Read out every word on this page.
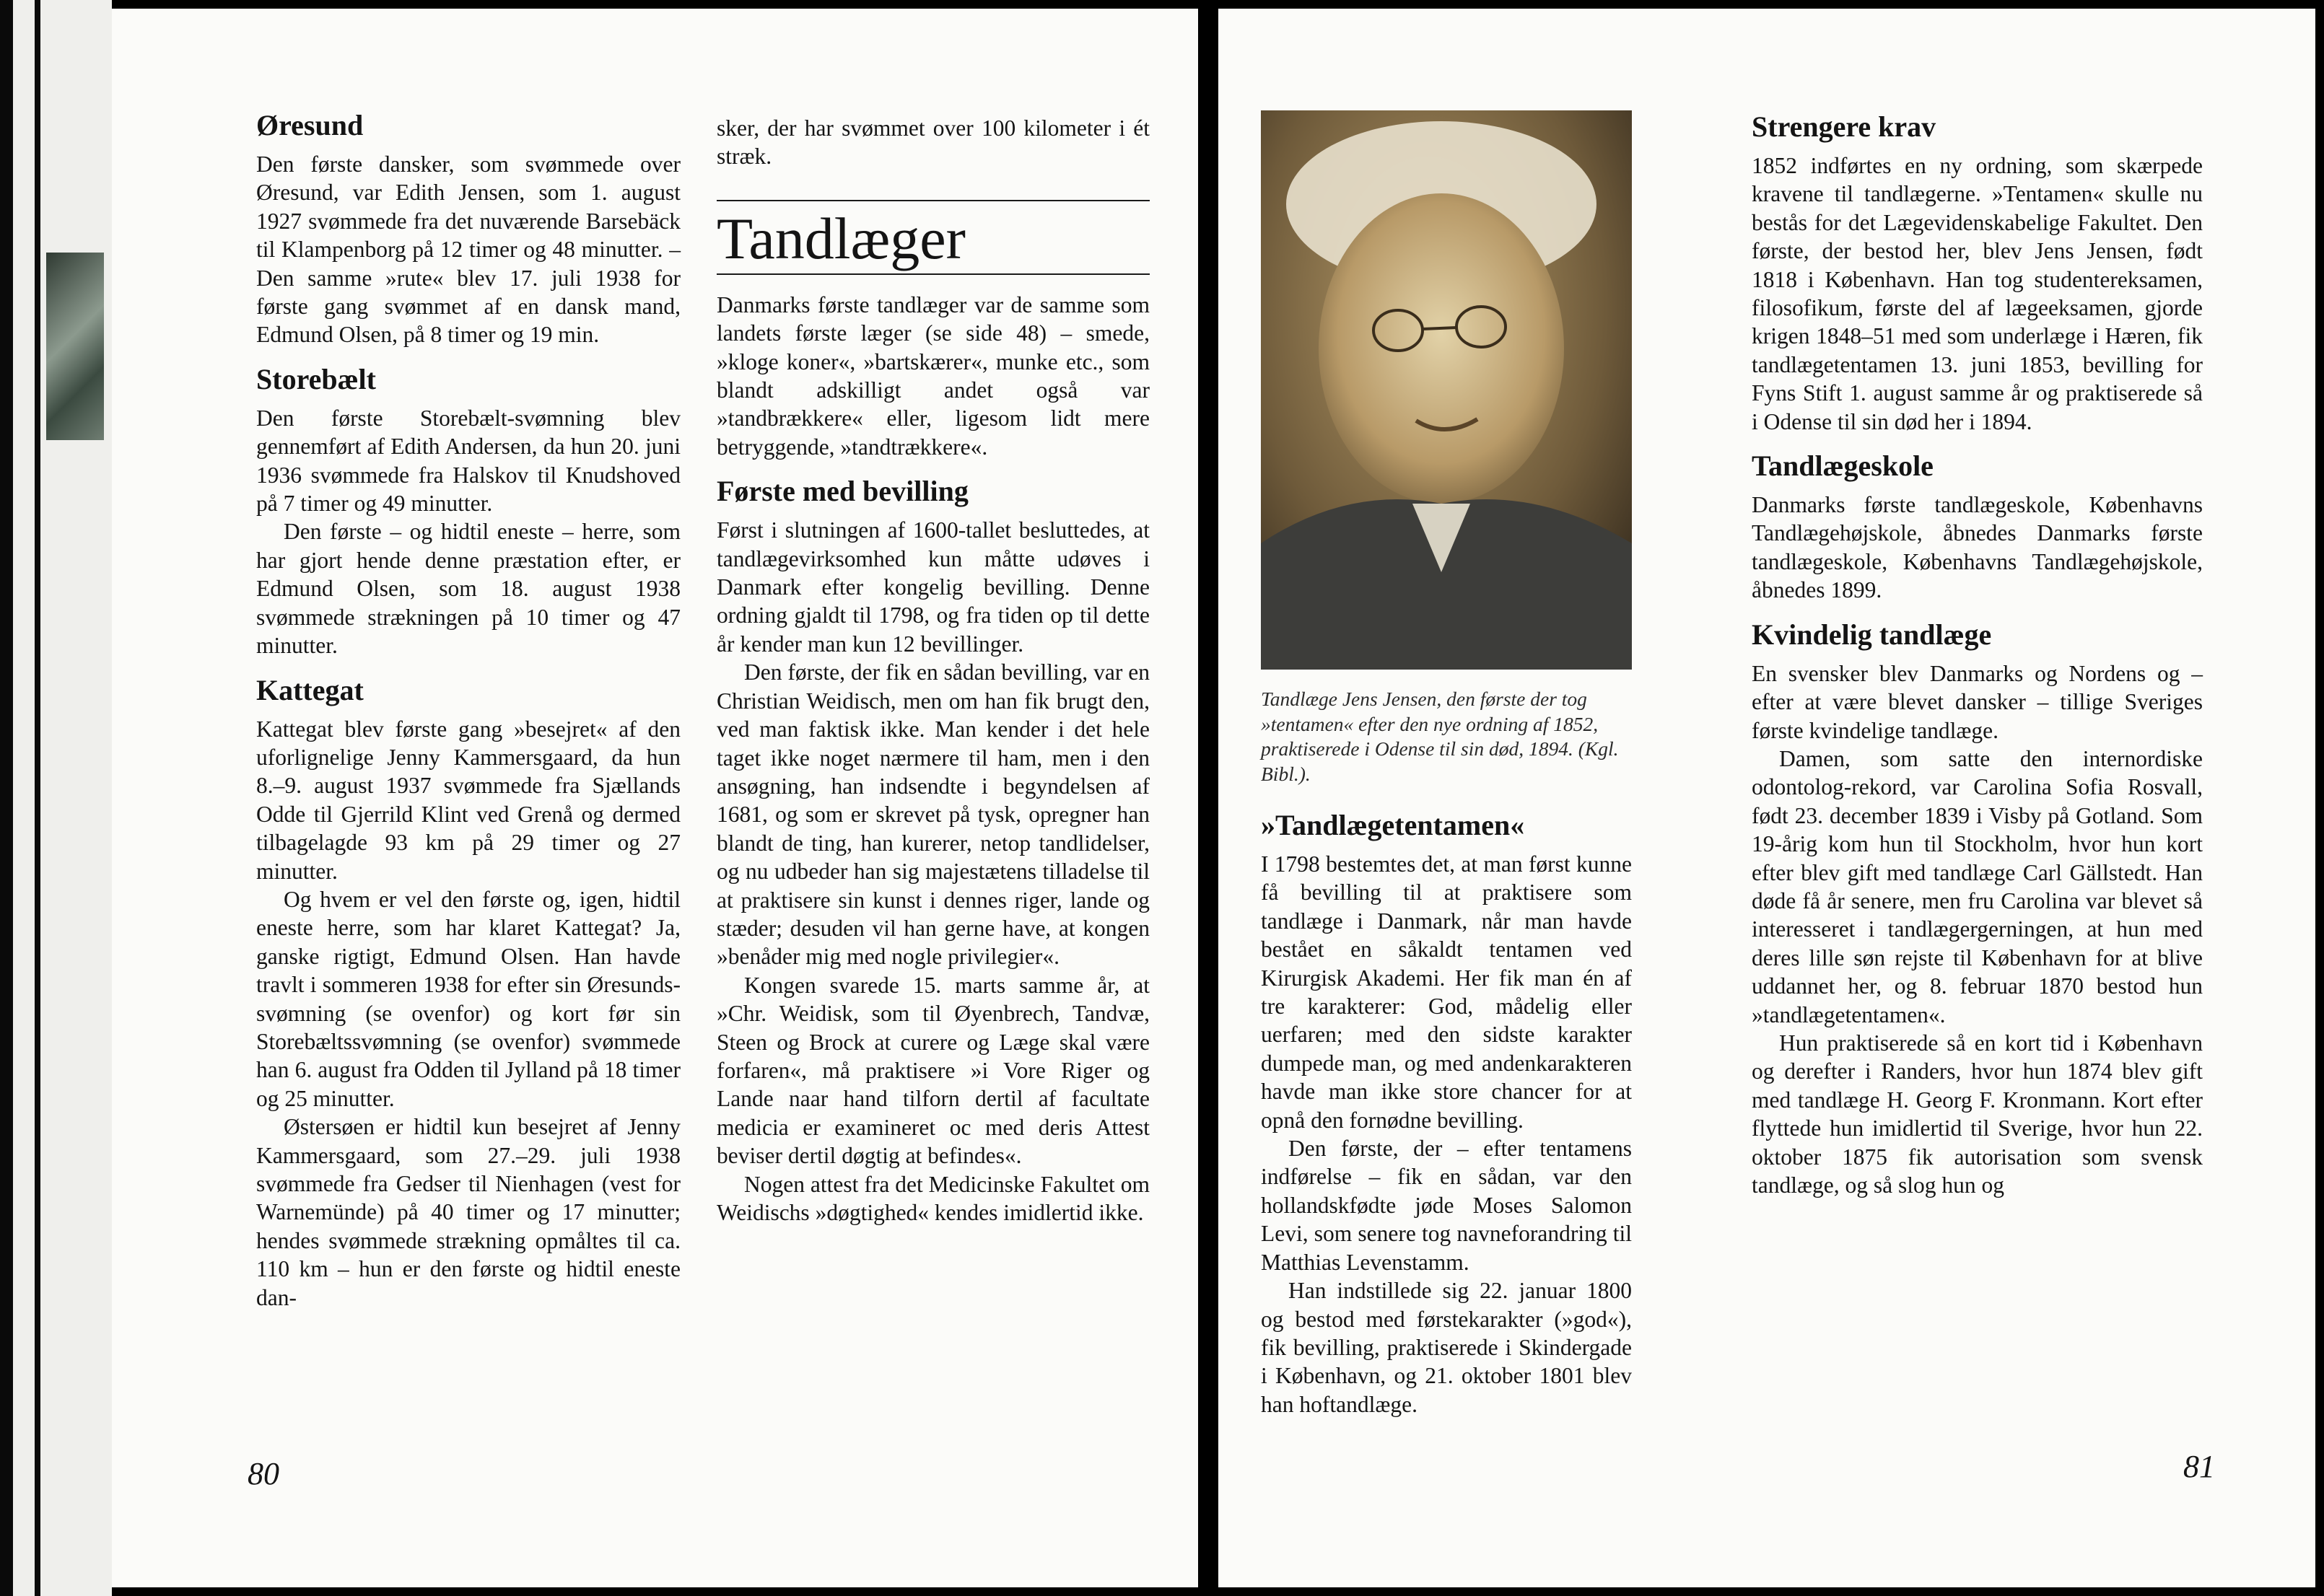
Øresund

Den første dansker, som svømmede over Øresund, var Edith Jensen, som 1. august 1927 svømmede fra det nuværende Barsebäck til Klampenborg på 12 timer og 48 minutter. – Den samme »rute« blev 17. juli 1938 for første gang svømmet af en dansk mand, Edmund Olsen, på 8 timer og 19 min.

Storebælt

Den første Storebælt-svømning blev gennemført af Edith Andersen, da hun 20. juni 1936 svømmede fra Halskov til Knudshoved på 7 timer og 49 minutter.

Den første – og hidtil eneste – herre, som har gjort hende denne præstation efter, er Edmund Olsen, som 18. august 1938 svømmede strækningen på 10 timer og 47 minutter.

Kattegat

Kattegat blev første gang »besejret« af den uforlignelige Jenny Kammersgaard, da hun 8.–9. august 1937 svømmede fra Sjællands Odde til Gjerrild Klint ved Grenå og dermed tilbagelagde 93 km på 29 timer og 27 minutter.

Og hvem er vel den første og, igen, hidtil eneste herre, som har klaret Kattegat? Ja, ganske rigtigt, Edmund Olsen. Han havde travlt i sommeren 1938 for efter sin Øresunds-svømning (se ovenfor) og kort før sin Storebæltssvømning (se ovenfor) svømmede han 6. august fra Odden til Jylland på 18 timer og 25 minutter.

Østersøen er hidtil kun besejret af Jenny Kammersgaard, som 27.–29. juli 1938 svømmede fra Gedser til Nienhagen (vest for Warnemünde) på 40 timer og 17 minutter; hendes svømmede strækning opmåltes til ca. 110 km – hun er den første og hidtil eneste dan-

sker, der har svømmet over 100 kilometer i ét stræk.

Tandlæger

Danmarks første tandlæger var de samme som landets første læger (se side 48) – smede, »kloge koner«, »bartskærer«, munke etc., som blandt adskilligt andet også var »tandbrækkere« eller, ligesom lidt mere betryggende, »tandtrækkere«.

Første med bevilling

Først i slutningen af 1600-tallet besluttedes, at tandlægevirksomhed kun måtte udøves i Danmark efter kongelig bevilling. Denne ordning gjaldt til 1798, og fra tiden op til dette år kender man kun 12 bevillinger.

Den første, der fik en sådan bevilling, var en Christian Weidisch, men om han fik brugt den, ved man faktisk ikke. Man kender i det hele taget ikke noget nærmere til ham, men i den ansøgning, han indsendte i begyndelsen af 1681, og som er skrevet på tysk, opregner han blandt de ting, han kurerer, netop tandlidelser, og nu udbeder han sig majestætens tilladelse til at praktisere sin kunst i dennes riger, lande og stæder; desuden vil han gerne have, at kongen »benåder mig med nogle privilegier«.

Kongen svarede 15. marts samme år, at »Chr. Weidisk, som til Øyenbrech, Tandvæ, Steen og Brock at curere og Læge skal være forfaren«, må praktisere »i Vore Riger og Lande naar hand tilforn dertil af facultate medicia er examineret oc med deris Attest beviser dertil døgtig at befindes«.

Nogen attest fra det Medicinske Fakultet om Weidischs »døgtighed« kendes imidlertid ikke.

80
Tandlæge Jens Jensen, den første der tog »tentamen« efter den nye ordning af 1852, praktiserede i Odense til sin død, 1894. (Kgl. Bibl.).
»Tandlægetentamen«

I 1798 bestemtes det, at man først kunne få bevilling til at praktisere som tandlæge i Danmark, når man havde bestået en såkaldt tentamen ved Kirurgisk Akademi. Her fik man én af tre karakterer: God, mådelig eller uerfaren; med den sidste karakter dumpede man, og med andenkarakteren havde man ikke store chancer for at opnå den fornødne bevilling.

Den første, der – efter tentamens indførelse – fik en sådan, var den hollandskfødte jøde Moses Salomon Levi, som senere tog navneforandring til Matthias Levenstamm.

Han indstillede sig 22. januar 1800 og bestod med førstekarakter (»god«), fik bevilling, praktiserede i Skindergade i København, og 21. oktober 1801 blev han hoftandlæge.

Strengere krav

1852 indførtes en ny ordning, som skærpede kravene til tandlægerne. »Tentamen« skulle nu bestås for det Lægevidenskabelige Fakultet. Den første, der bestod her, blev Jens Jensen, født 1818 i København. Han tog studentereksamen, filosofikum, første del af lægeeksamen, gjorde krigen 1848–51 med som underlæge i Hæren, fik tandlægetentamen 13. juni 1853, bevilling for Fyns Stift 1. august samme år og praktiserede så i Odense til sin død her i 1894.

Tandlægeskole

Danmarks første tandlægeskole, Københavns Tandlægehøjskole, åbnedes Danmarks første tandlægeskole, Københavns Tandlægehøjskole, åbnedes 1899.

Kvindelig tandlæge

En svensker blev Danmarks og Nordens og – efter at være blevet dansker – tillige Sveriges første kvindelige tandlæge.

Damen, som satte den internordiske odontolog-rekord, var Carolina Sofia Rosvall, født 23. december 1839 i Visby på Gotland. Som 19-årig kom hun til Stockholm, hvor hun kort efter blev gift med tandlæge Carl Gällstedt. Han døde få år senere, men fru Carolina var blevet så interesseret i tandlægergerningen, at hun med deres lille søn rejste til København for at blive uddannet her, og 8. februar 1870 bestod hun »tandlægetentamen«.

Hun praktiserede så en kort tid i København og derefter i Randers, hvor hun 1874 blev gift med tandlæge H. Georg F. Kronmann. Kort efter flyttede hun imidlertid til Sverige, hvor hun 22. oktober 1875 fik autorisation som svensk tandlæge, og så slog hun og

81
